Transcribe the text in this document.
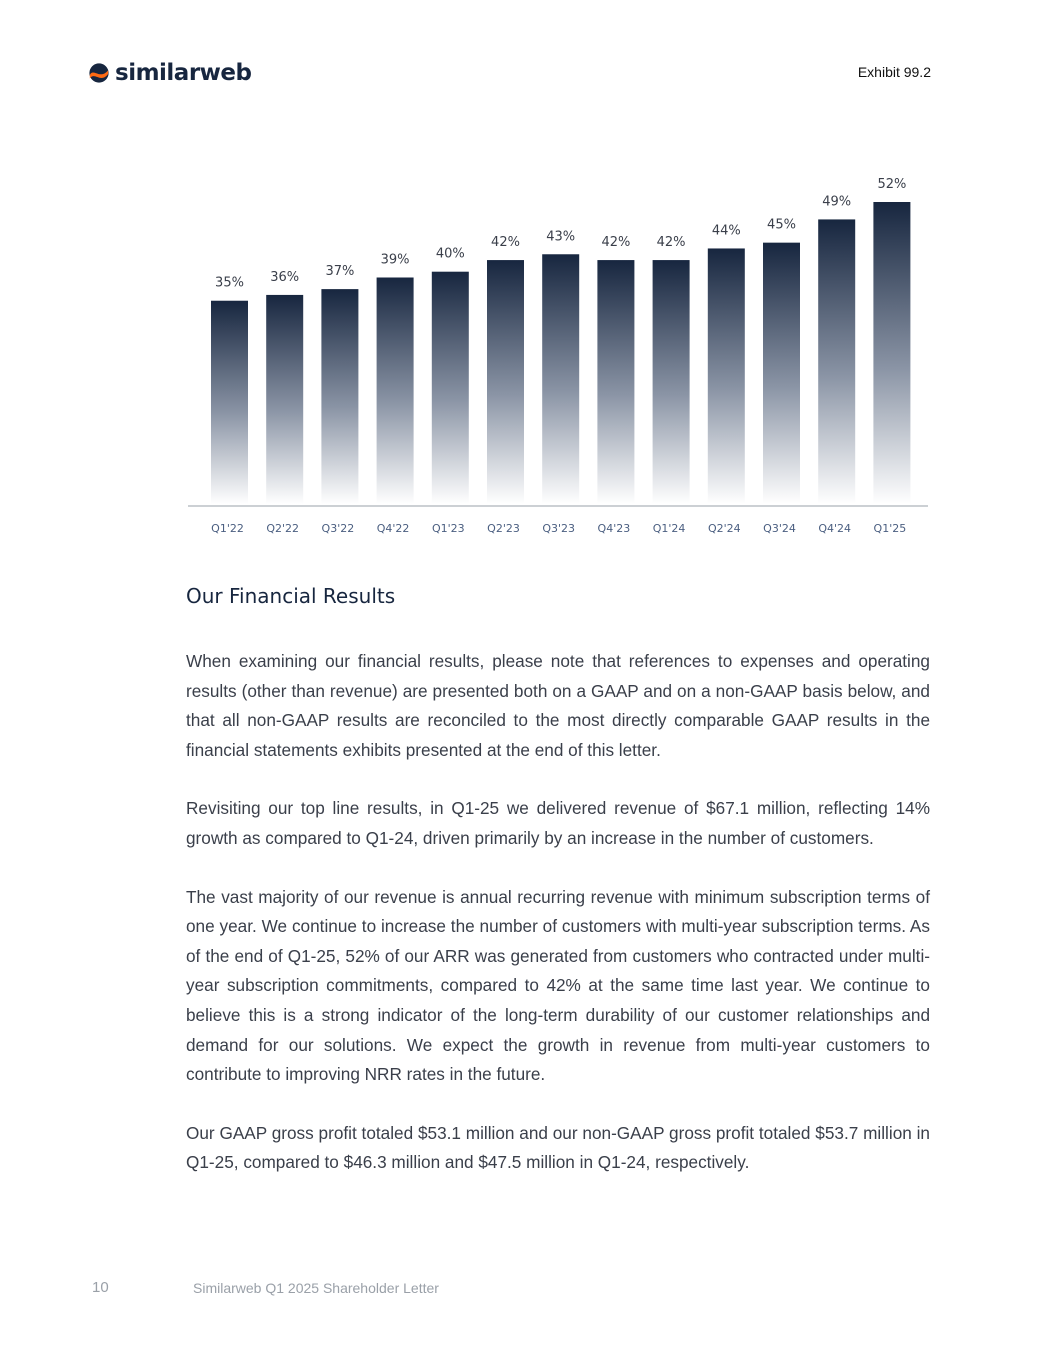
similarweb	Exhibit 99.2
35%
Q1'22
36%
Q2'22
37%
Q3'22
39%
Q4'22
40%
Q1'23
42%
Q2'23
43%
Q3'23
42%
Q4'23
42%
Q1'24
44%
Q2'24
45%
Q3'24
49%
Q4'24
52%
Q1'25
Our Financial Results

When examining our financial results, please note that references to expenses and operating results (other than revenue) are presented both on a GAAP and on a non-GAAP basis below, and that all non-GAAP results are reconciled to the most directly comparable GAAP results in the financial statements exhibits presented at the end of this letter.

Revisiting our top line results, in Q1-25 we delivered revenue of $67.1 million, reflecting 14% growth as compared to Q1-24, driven primarily by an increase in the number of customers.

The vast majority of our revenue is annual recurring revenue with minimum subscription terms of one year. We continue to increase the number of customers with multi-year subscription terms. As of the end of Q1-25, 52% of our ARR was generated from customers who contracted under multi-year subscription commitments, compared to 42% at the same time last year. We continue to believe this is a strong indicator of the long-term durability of our customer relationships and demand for our solutions. We expect the growth in revenue from multi-year customers to contribute to improving NRR rates in the future.

Our GAAP gross profit totaled $53.1 million and our non-GAAP gross profit totaled $53.7 million in Q1-25, compared to $46.3 million and $47.5 million in Q1-24, respectively.

10	Similarweb Q1 2025 Shareholder Letter
